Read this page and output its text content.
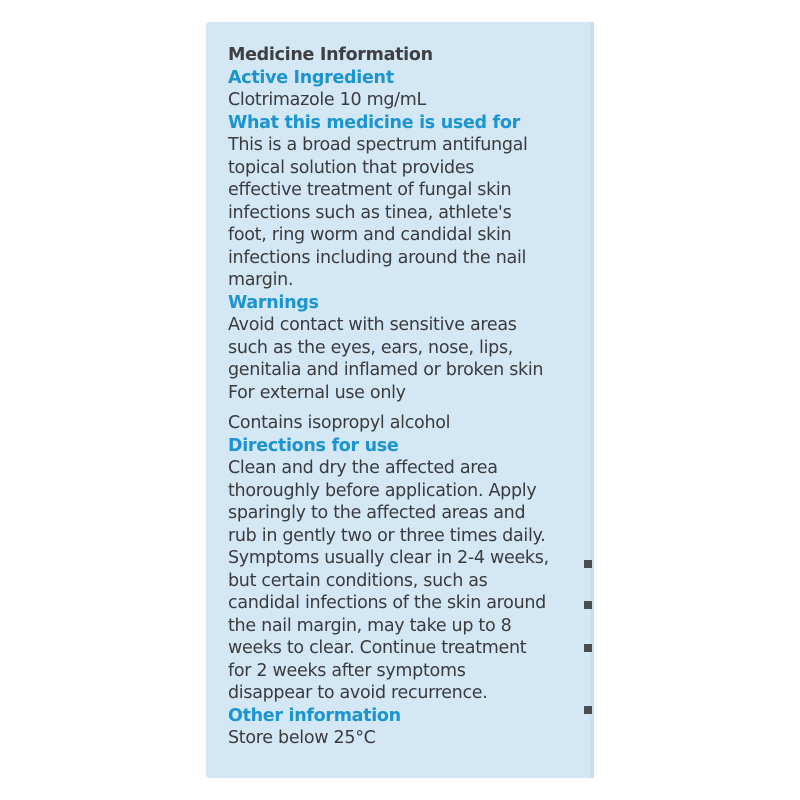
Medicine Information
Active Ingredient
Clotrimazole 10 mg/mL
What this medicine is used for
This is a broad spectrum antifungal
topical solution that provides
effective treatment of fungal skin
infections such as tinea, athlete's
foot, ring worm and candidal skin
infections including around the nail
margin.
Warnings
Avoid contact with sensitive areas
such as the eyes, ears, nose, lips,
genitalia and inflamed or broken skin
For external use only
Contains isopropyl alcohol
Directions for use
Clean and dry the affected area
thoroughly before application. Apply
sparingly to the affected areas and
rub in gently two or three times daily.
Symptoms usually clear in 2-4 weeks,
but certain conditions, such as
candidal infections of the skin around
the nail margin, may take up to 8
weeks to clear. Continue treatment
for 2 weeks after symptoms
disappear to avoid recurrence.
Other information
Store below 25°C
